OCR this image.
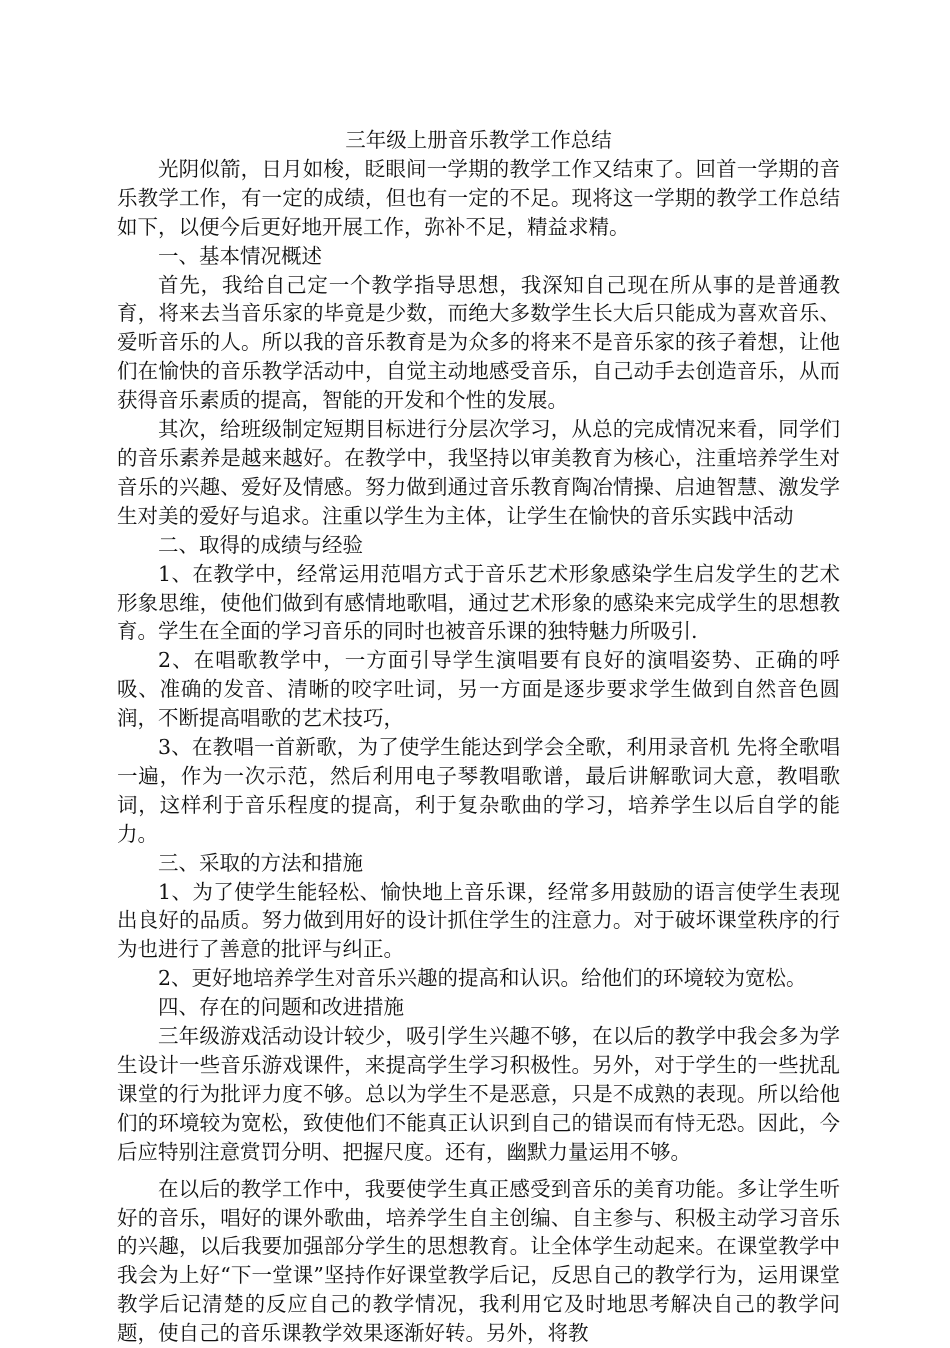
三年级上册音乐教学工作总结

光阴似箭，日月如梭，眨眼间一学期的教学工作又结束了。回首一学期的音乐教学工作，有一定的成绩，但也有一定的不足。现将这一学期的教学工作总结如下，以便今后更好地开展工作，弥补不足，精益求精。

一、基本情况概述

首先，我给自己定一个教学指导思想，我深知自己现在所从事的是普通教育，将来去当音乐家的毕竟是少数，而绝大多数学生长大后只能成为喜欢音乐、爱听音乐的人。所以我的音乐教育是为众多的将来不是音乐家的孩子着想，让他们在愉快的音乐教学活动中，自觉主动地感受音乐，自己动手去创造音乐，从而获得音乐素质的提高，智能的开发和个性的发展。

其次，给班级制定短期目标进行分层次学习，从总的完成情况来看，同学们的音乐素养是越来越好。在教学中，我坚持以审美教育为核心，注重培养学生对音乐的兴趣、爱好及情感。努力做到通过音乐教育陶冶情操、启迪智慧、激发学生对美的爱好与追求。注重以学生为主体，让学生在愉快的音乐实践中活动

二、取得的成绩与经验

1、在教学中，经常运用范唱方式于音乐艺术形象感染学生启发学生的艺术形象思维，使他们做到有感情地歌唱，通过艺术形象的感染来完成学生的思想教育。学生在全面的学习音乐的同时也被音乐课的独特魅力所吸引.

2、在唱歌教学中，一方面引导学生演唱要有良好的演唱姿势、正确的呼吸、准确的发音、清晰的咬字吐词，另一方面是逐步要求学生做到自然音色圆润，不断提高唱歌的艺术技巧，

3、在教唱一首新歌，为了使学生能达到学会全歌，利用录音机 先将全歌唱一遍，作为一次示范，然后利用电子琴教唱歌谱，最后讲解歌词大意，教唱歌词，这样利于音乐程度的提高，利于复杂歌曲的学习，培养学生以后自学的能力。

三、采取的方法和措施

1、为了使学生能轻松、愉快地上音乐课，经常多用鼓励的语言使学生表现出良好的品质。努力做到用好的设计抓住学生的注意力。对于破坏课堂秩序的行为也进行了善意的批评与纠正。

2、更好地培养学生对音乐兴趣的提高和认识。给他们的环境较为宽松。

四、存在的问题和改进措施

三年级游戏活动设计较少，吸引学生兴趣不够，在以后的教学中我会多为学生设计一些音乐游戏课件，来提高学生学习积极性。另外，对于学生的一些扰乱课堂的行为批评力度不够。总以为学生不是恶意，只是不成熟的表现。所以给他们的环境较为宽松，致使他们不能真正认识到自己的错误而有恃无恐。因此，今后应特别注意赏罚分明、把握尺度。还有，幽默力量运用不够。

在以后的教学工作中，我要使学生真正感受到音乐的美育功能。多让学生听好的音乐，唱好的课外歌曲，培养学生自主创编、自主参与、积极主动学习音乐的兴趣，以后我要加强部分学生的思想教育。让全体学生动起来。在课堂教学中我会为上好“下一堂课”坚持作好课堂教学后记，反思自己的教学行为，运用课堂教学后记清楚的反应自己的教学情况，我利用它及时地思考解决自己的教学问题，使自己的音乐课教学效果逐渐好转。另外，将教
